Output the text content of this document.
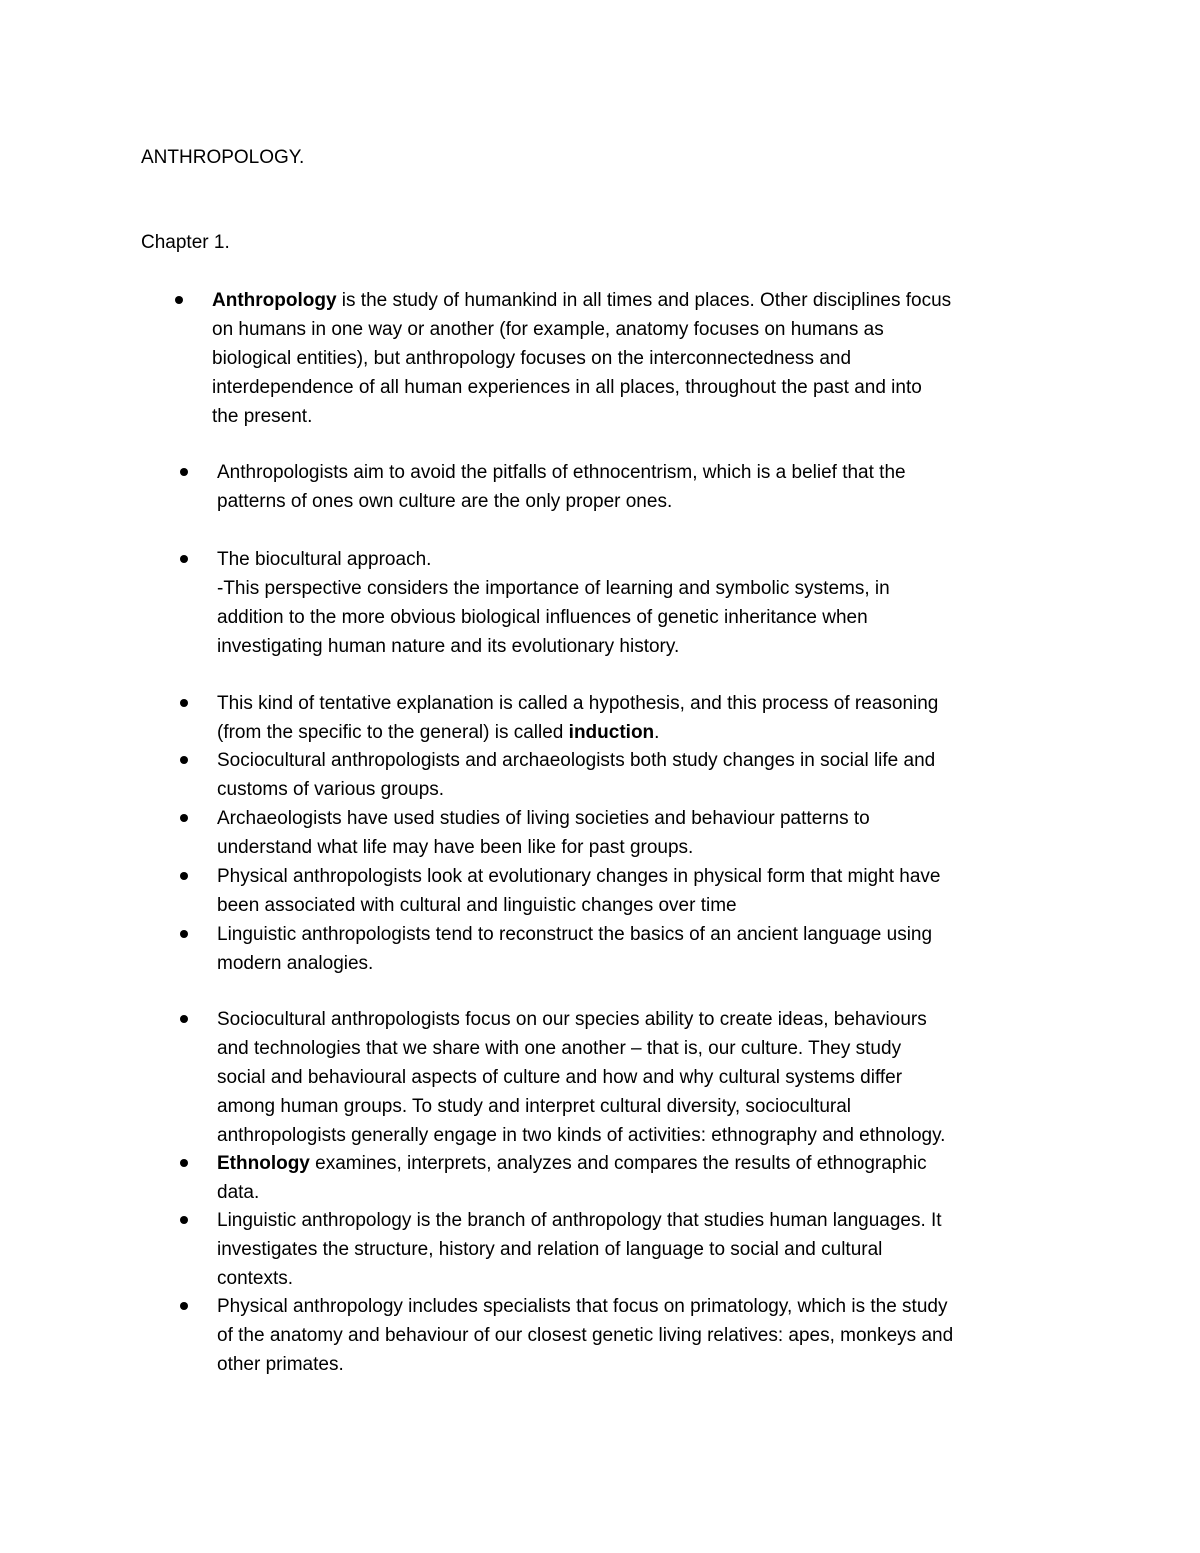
ANTHROPOLOGY.
Chapter 1.
Anthropology is the study of humankind in all times and places. Other disciplines focus
on humans in one way or another (for example, anatomy focuses on humans as
biological entities), but anthropology focuses on the interconnectedness and
interdependence of all human experiences in all places, throughout the past and into
the present.
Anthropologists aim to avoid the pitfalls of ethnocentrism, which is a belief that the
patterns of ones own culture are the only proper ones.
The biocultural approach.
-This perspective considers the importance of learning and symbolic systems, in
addition to the more obvious biological influences of genetic inheritance when
investigating human nature and its evolutionary history.
This kind of tentative explanation is called a hypothesis, and this process of reasoning
(from the specific to the general) is called induction.
Sociocultural anthropologists and archaeologists both study changes in social life and
customs of various groups.
Archaeologists have used studies of living societies and behaviour patterns to
understand what life may have been like for past groups.
Physical anthropologists look at evolutionary changes in physical form that might have
been associated with cultural and linguistic changes over time
Linguistic anthropologists tend to reconstruct the basics of an ancient language using
modern analogies.
Sociocultural anthropologists focus on our species ability to create ideas, behaviours
and technologies that we share with one another – that is, our culture. They study
social and behavioural aspects of culture and how and why cultural systems differ
among human groups. To study and interpret cultural diversity, sociocultural
anthropologists generally engage in two kinds of activities: ethnography and ethnology.
Ethnology examines, interprets, analyzes and compares the results of ethnographic
data.
Linguistic anthropology is the branch of anthropology that studies human languages. It
investigates the structure, history and relation of language to social and cultural
contexts.
Physical anthropology includes specialists that focus on primatology, which is the study
of the anatomy and behaviour of our closest genetic living relatives: apes, monkeys and
other primates.
